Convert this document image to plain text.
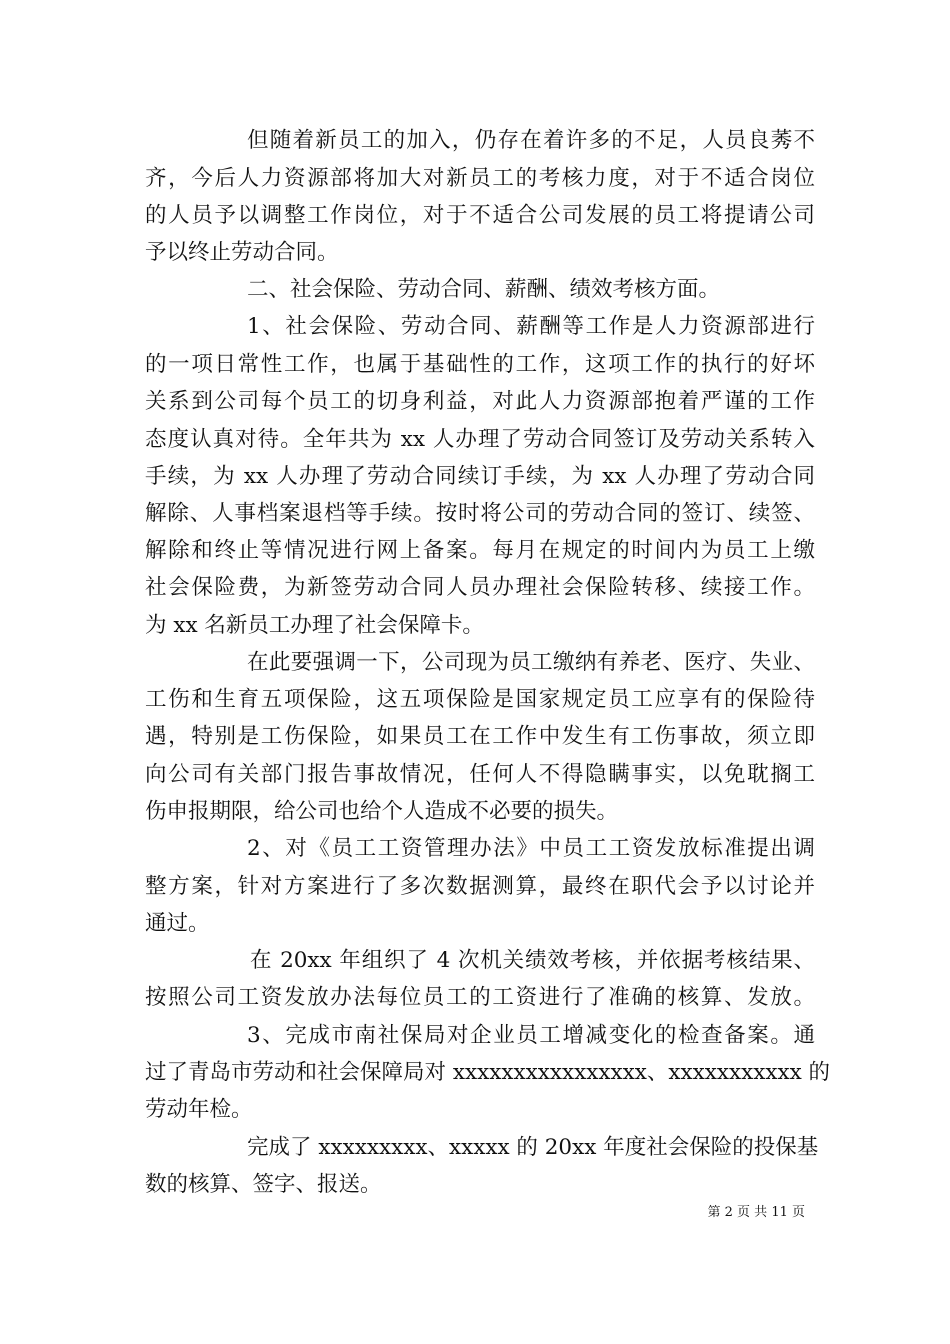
但随着新员工的加入，仍存在着许多的不足，人员良莠不
齐，今后人力资源部将加大对新员工的考核力度，对于不适合岗位
的人员予以调整工作岗位，对于不适合公司发展的员工将提请公司
予以终止劳动合同。
二、社会保险、劳动合同、薪酬、绩效考核方面。
1、社会保险、劳动合同、薪酬等工作是人力资源部进行
的一项日常性工作，也属于基础性的工作，这项工作的执行的好坏
关系到公司每个员工的切身利益，对此人力资源部抱着严谨的工作
态度认真对待。全年共为 xx 人办理了劳动合同签订及劳动关系转入
手续，为 xx 人办理了劳动合同续订手续，为 xx 人办理了劳动合同
解除、人事档案退档等手续。按时将公司的劳动合同的签订、续签、
解除和终止等情况进行网上备案。每月在规定的时间内为员工上缴
社会保险费，为新签劳动合同人员办理社会保险转移、续接工作。
为 xx 名新员工办理了社会保障卡。
在此要强调一下，公司现为员工缴纳有养老、医疗、失业、
工伤和生育五项保险，这五项保险是国家规定员工应享有的保险待
遇，特别是工伤保险，如果员工在工作中发生有工伤事故，须立即
向公司有关部门报告事故情况，任何人不得隐瞒事实，以免耽搁工
伤申报期限，给公司也给个人造成不必要的损失。
2、对《员工工资管理办法》中员工工资发放标准提出调
整方案，针对方案进行了多次数据测算，最终在职代会予以讨论并
通过。
在 20xx 年组织了 4 次机关绩效考核，并依据考核结果、
按照公司工资发放办法每位员工的工资进行了准确的核算、发放。
3、完成市南社保局对企业员工增减变化的检查备案。通
过了青岛市劳动和社会保障局对 xxxxxxxxxxxxxxxx、xxxxxxxxxxx 的
劳动年检。
完成了 xxxxxxxxx、xxxxx 的 20xx 年度社会保险的投保基
数的核算、签字、报送。
第 2 页 共 11 页
